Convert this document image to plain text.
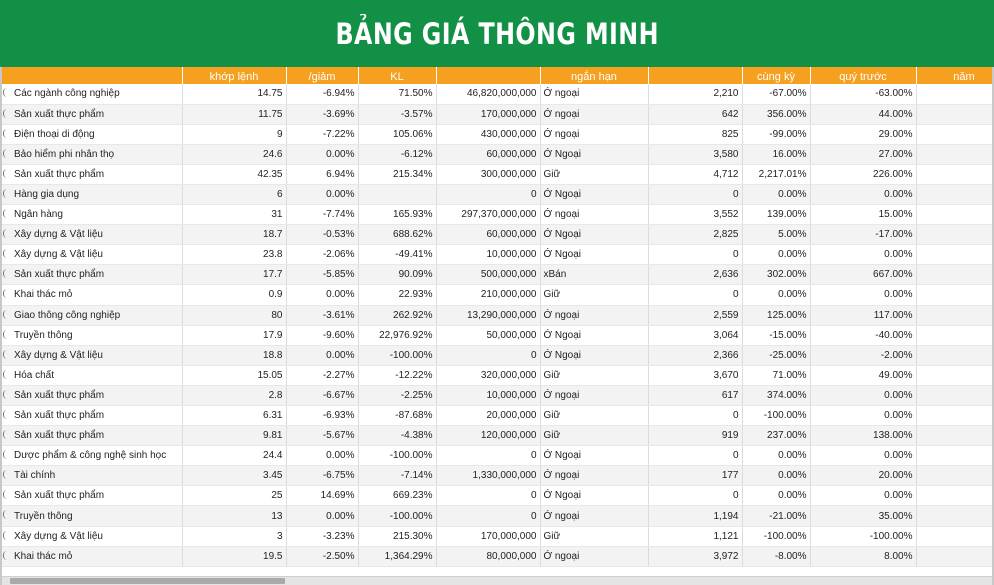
BẢNG GIÁ THÔNG MINH
	khớp lệnh	/giảm	KL		ngắn hạn		cùng kỳ	quý trước	năm
Các ngành công nghiệp	14.75	-6.94%	71.50%	46,820,000,000	Ớ ngoại	2,210	-67.00%	-63.00%	
Sản xuất thực phẩm	11.75	-3.69%	-3.57%	170,000,000	Ớ ngoại	642	356.00%	44.00%	
Điện thoại di động	9	-7.22%	105.06%	430,000,000	Ớ ngoại	825	-99.00%	29.00%	
Bảo hiểm phi nhân thọ	24.6	0.00%	-6.12%	60,000,000	Ớ Ngoại	3,580	16.00%	27.00%	
Sản xuất thực phẩm	42.35	6.94%	215.34%	300,000,000	Giữ	4,712	2,217.01%	226.00%	
Hàng gia dụng	6	0.00%		0	Ớ Ngoại	0	0.00%	0.00%	
Ngân hàng	31	-7.74%	165.93%	297,370,000,000	Ớ ngoại	3,552	139.00%	15.00%	
Xây dựng & Vật liệu	18.7	-0.53%	688.62%	60,000,000	Ớ Ngoại	2,825	5.00%	-17.00%	
Xây dựng & Vật liệu	23.8	-2.06%	-49.41%	10,000,000	Ớ Ngoại	0	0.00%	0.00%	
Sản xuất thực phẩm	17.7	-5.85%	90.09%	500,000,000	xBán	2,636	302.00%	667.00%	
Khai thác mỏ	0.9	0.00%	22.93%	210,000,000	Giữ	0	0.00%	0.00%	
Giao thông công nghiệp	80	-3.61%	262.92%	13,290,000,000	Ớ ngoại	2,559	125.00%	117.00%	
Truyền thông	17.9	-9.60%	22,976.92%	50,000,000	Ớ Ngoại	3,064	-15.00%	-40.00%	
Xây dựng & Vật liệu	18.8	0.00%	-100.00%	0	Ớ Ngoại	2,366	-25.00%	-2.00%	
Hóa chất	15.05	-2.27%	-12.22%	320,000,000	Giữ	3,670	71.00%	49.00%	
Sản xuất thực phẩm	2.8	-6.67%	-2.25%	10,000,000	Ớ ngoại	617	374.00%	0.00%	
Sản xuất thực phẩm	6.31	-6.93%	-87.68%	20,000,000	Giữ	0	-100.00%	0.00%	
Sản xuất thực phẩm	9.81	-5.67%	-4.38%	120,000,000	Giữ	919	237.00%	138.00%	
Dược phẩm & công nghệ sinh học	24.4	0.00%	-100.00%	0	Ớ Ngoại	0	0.00%	0.00%	
Tài chính	3.45	-6.75%	-7.14%	1,330,000,000	Ớ ngoại	177	0.00%	20.00%	
Sản xuất thực phẩm	25	14.69%	669.23%	0	Ớ Ngoại	0	0.00%	0.00%	
Truyền thông	13	0.00%	-100.00%	0	Ớ ngoại	1,194	-21.00%	35.00%	
Xây dựng & Vật liệu	3	-3.23%	215.30%	170,000,000	Giữ	1,121	-100.00%	-100.00%	
Khai thác mỏ	19.5	-2.50%	1,364.29%	80,000,000	Ớ ngoại	3,972	-8.00%	8.00%	
